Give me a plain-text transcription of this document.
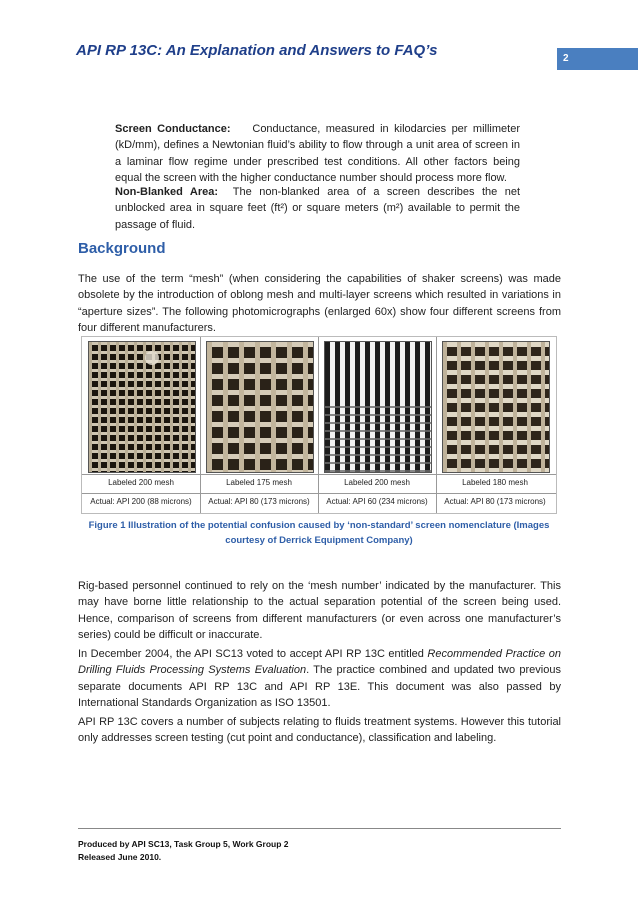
API RP 13C: An Explanation and Answers to FAQ’s	2
Screen Conductance: Conductance, measured in kilodarcies per millimeter (kD/mm), defines a Newtonian fluid’s ability to flow through a unit area of screen in a laminar flow regime under prescribed test conditions. All other factors being equal the screen with the higher conductance number should process more flow.
Non-Blanked Area: The non-blanked area of a screen describes the net unblocked area in square feet (ft²) or square meters (m²) available to permit the passage of fluid.
Background
The use of the term “mesh” (when considering the capabilities of shaker screens) was made obsolete by the introduction of oblong mesh and multi-layer screens which resulted in variations in “aperture sizes”. The following photomicrographs (enlarged 60x) show four different screens from four different manufacturers.
Labeled 200 mesh	Labeled 175 mesh	Labeled 200 mesh	Labeled 180 mesh
Actual: API 200 (88 microns)	Actual: API 80 (173 microns)	Actual: API 60 (234 microns)	Actual: API 80 (173 microns)
Figure 1 Illustration of the potential confusion caused by ‘non-standard’ screen nomenclature (Images courtesy of Derrick Equipment Company)
Rig-based personnel continued to rely on the ‘mesh number’ indicated by the manufacturer. This may have borne little relationship to the actual separation potential of the screen being used. Hence, comparison of screens from different manufacturers (or even across one manufacturer’s series) could be difficult or inaccurate.
In December 2004, the API SC13 voted to accept API RP 13C entitled Recommended Practice on Drilling Fluids Processing Systems Evaluation. The practice combined and updated two previous separate documents API RP 13C and API RP 13E. This document was also passed by International Standards Organization as ISO 13501.
API RP 13C covers a number of subjects relating to fluids treatment systems. However this tutorial only addresses screen testing (cut point and conductance), classification and labeling.
Produced by API SC13, Task Group 5, Work Group 2
Released June 2010.
